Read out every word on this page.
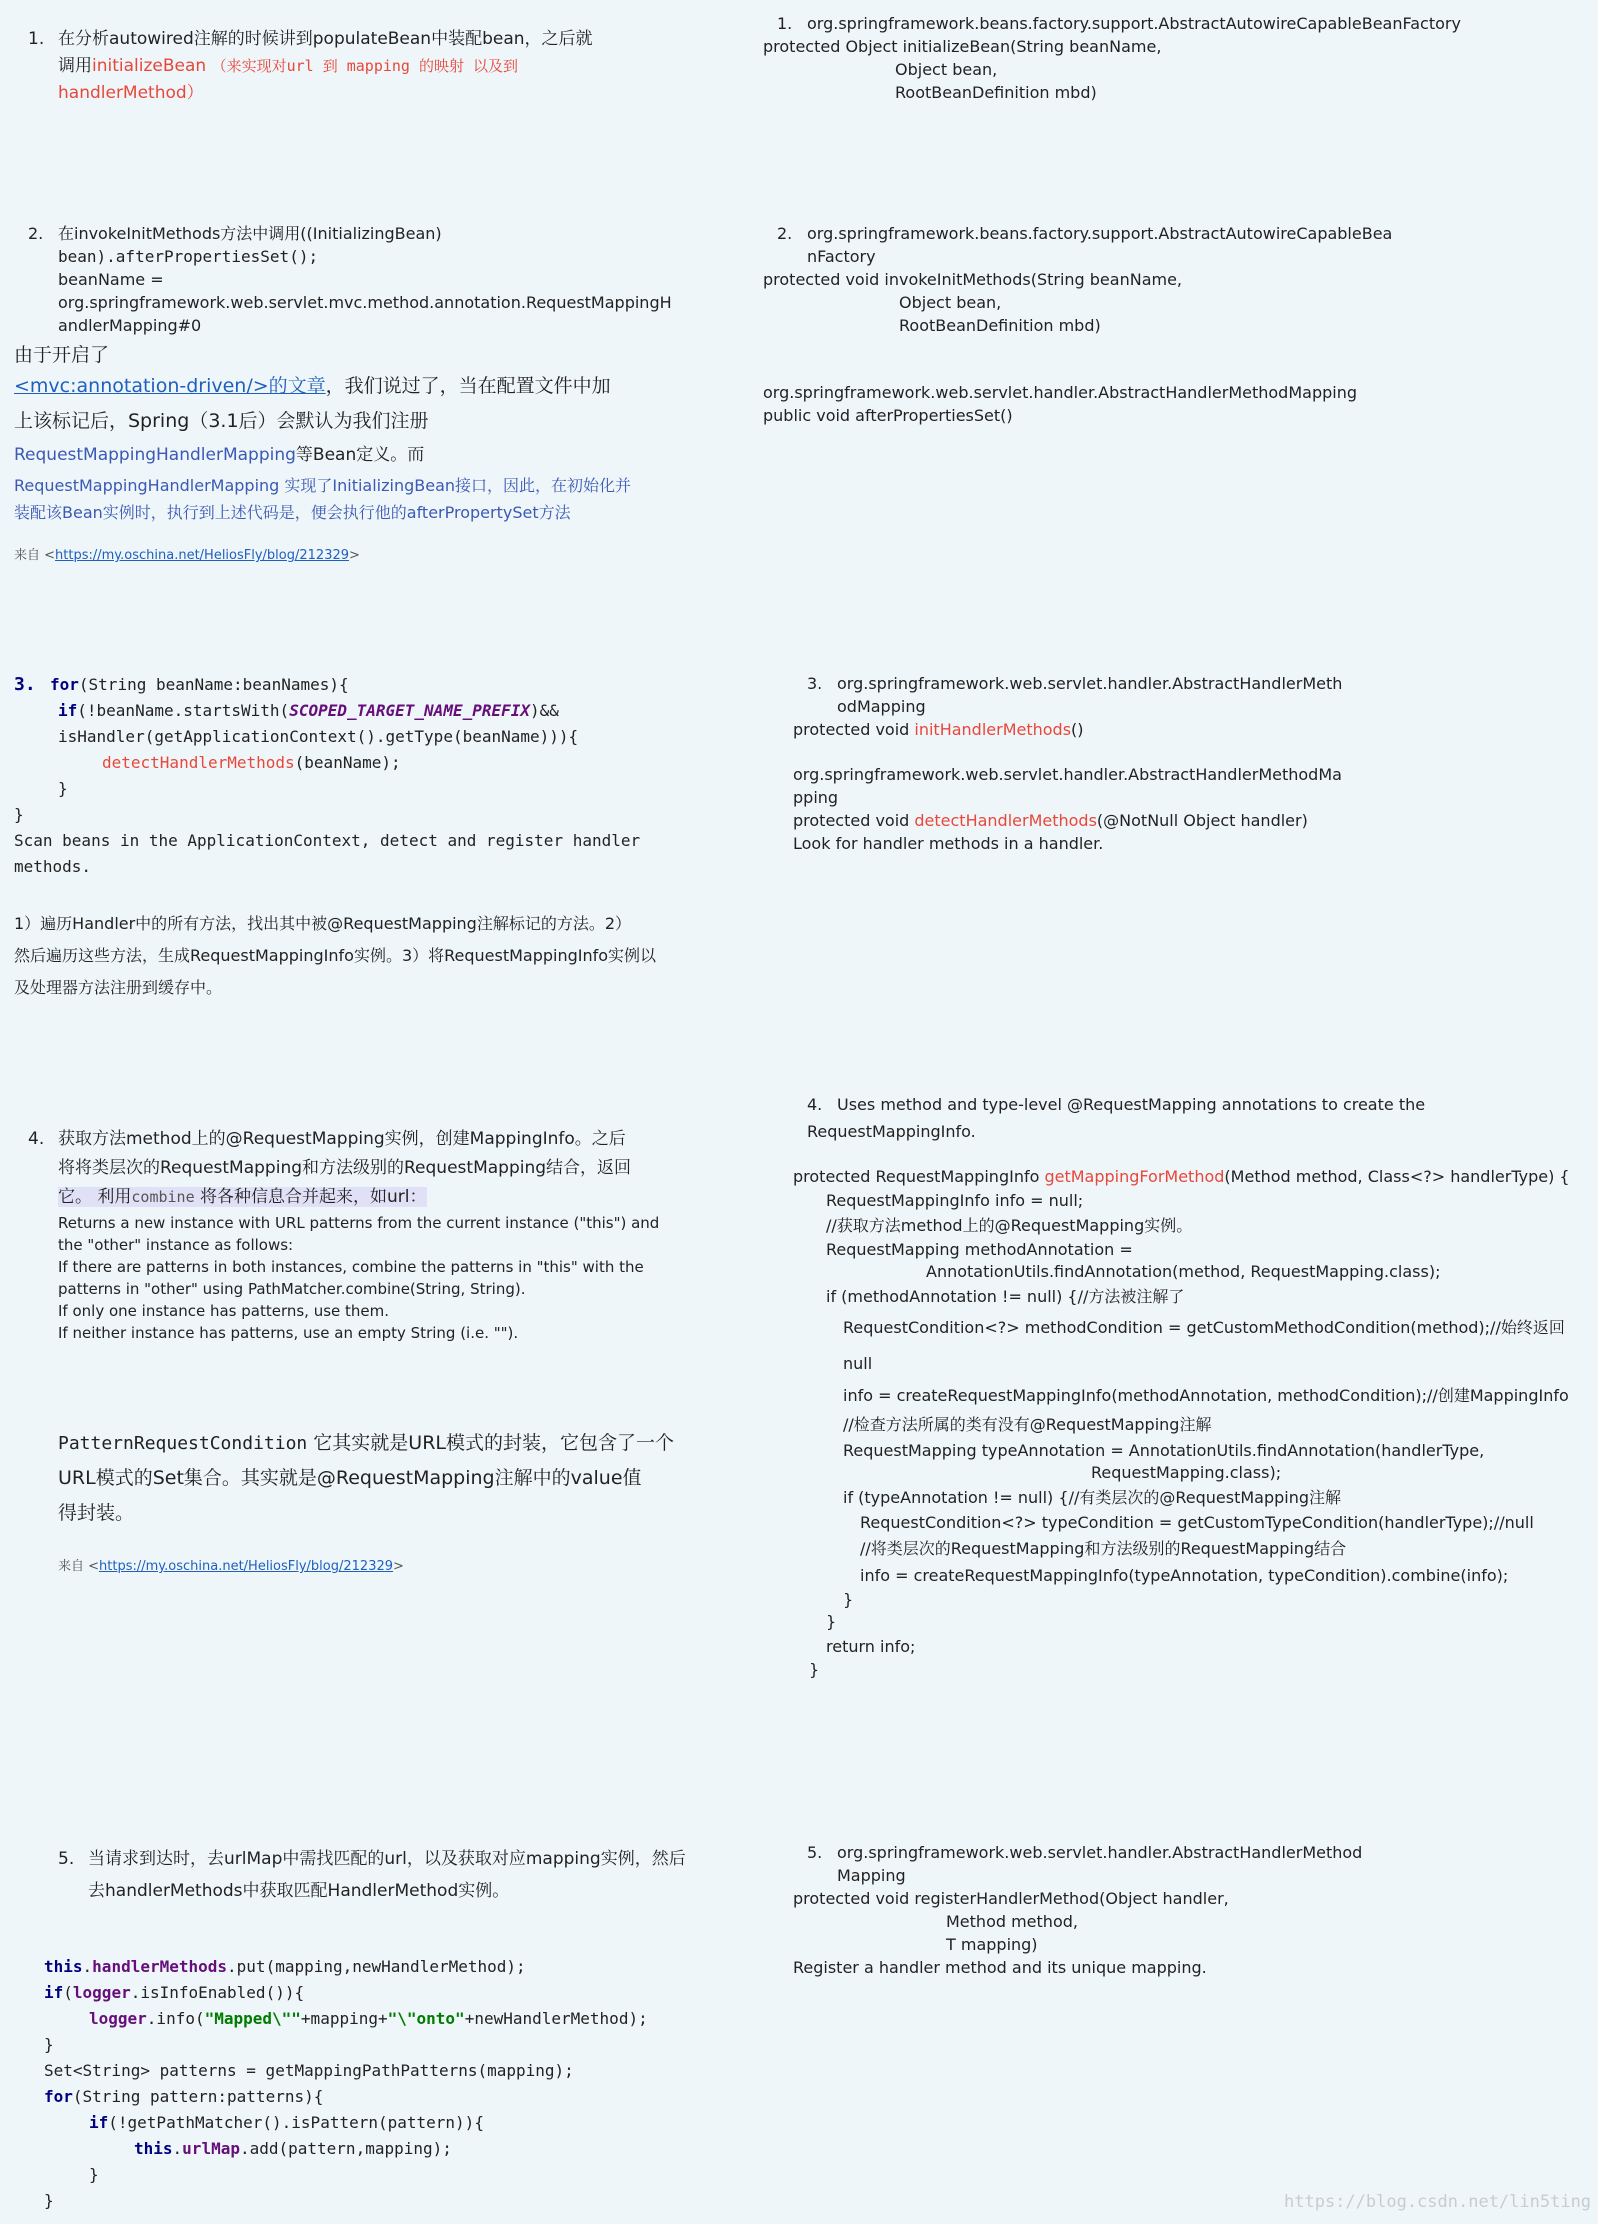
1. 在分析autowired注解的时候讲到populateBean中装配bean，之后就
调用initializeBean （来实现对url 到 mapping 的映射 以及到
handlerMethod）
1. org.springframework.beans.factory.support.AbstractAutowireCapableBeanFactory
protected Object initializeBean(String beanName,
Object bean,
RootBeanDefinition mbd)
2. 在invokeInitMethods方法中调用((InitializingBean)
bean).afterPropertiesSet();
beanName =
org.springframework.web.servlet.mvc.method.annotation.RequestMappingH
andlerMapping#0
2. org.springframework.beans.factory.support.AbstractAutowireCapableBea
nFactory
protected void invokeInitMethods(String beanName,
Object bean,
RootBeanDefinition mbd)
org.springframework.web.servlet.handler.AbstractHandlerMethodMapping
public void afterPropertiesSet()
由于开启了
<mvc:annotation-driven/>的文章，我们说过了，当在配置文件中加
上该标记后，Spring（3.1后）会默认为我们注册
RequestMappingHandlerMapping等Bean定义。而
RequestMappingHandlerMapping 实现了InitializingBean接口，因此，在初始化并
装配该Bean实例时，执行到上述代码是，便会执行他的afterPropertySet方法
来自 <https://my.oschina.net/HeliosFly/blog/212329>
3. for(String beanName:beanNames){
if(!beanName.startsWith(SCOPED_TARGET_NAME_PREFIX)&&
isHandler(getApplicationContext().getType(beanName))){
detectHandlerMethods(beanName);
}
}
Scan beans in the ApplicationContext, detect and register handler
methods.
1）遍历Handler中的所有方法，找出其中被@RequestMapping注解标记的方法。2）
然后遍历这些方法，生成RequestMappingInfo实例。3）将RequestMappingInfo实例以
及处理器方法注册到缓存中。
3. org.springframework.web.servlet.handler.AbstractHandlerMeth
odMapping
protected void initHandlerMethods()
org.springframework.web.servlet.handler.AbstractHandlerMethodMa
pping
protected void detectHandlerMethods(@NotNull Object handler)
Look for handler methods in a handler.
4. 获取方法method上的@RequestMapping实例，创建MappingInfo。之后
将将类层次的RequestMapping和方法级别的RequestMapping结合，返回
它。 利用combine 将各种信息合并起来，如url：
Returns a new instance with URL patterns from the current instance ("this") and
the "other" instance as follows:
If there are patterns in both instances, combine the patterns in "this" with the
patterns in "other" using PathMatcher.combine(String, String).
If only one instance has patterns, use them.
If neither instance has patterns, use an empty String (i.e. "").
PatternRequestCondition 它其实就是URL模式的封装，它包含了一个
URL模式的Set集合。其实就是@RequestMapping注解中的value值
得封装。
来自 <https://my.oschina.net/HeliosFly/blog/212329>
4. Uses method and type-level @RequestMapping annotations to create the RequestMappingInfo.
protected RequestMappingInfo getMappingForMethod(Method method, Class<?> handlerType) {
RequestMappingInfo info = null;
//获取方法method上的@RequestMapping实例。
RequestMapping methodAnnotation =
AnnotationUtils.findAnnotation(method, RequestMapping.class);
if (methodAnnotation != null) {//方法被注解了
RequestCondition<?> methodCondition = getCustomMethodCondition(method);//始终返回null
info = createRequestMappingInfo(methodAnnotation, methodCondition);//创建MappingInfo
//检查方法所属的类有没有@RequestMapping注解
RequestMapping typeAnnotation = AnnotationUtils.findAnnotation(handlerType,
RequestMapping.class);
if (typeAnnotation != null) {//有类层次的@RequestMapping注解
RequestCondition<?> typeCondition = getCustomTypeCondition(handlerType);//null
//将类层次的RequestMapping和方法级别的RequestMapping结合
info = createRequestMappingInfo(typeAnnotation, typeCondition).combine(info);
}
}
return info;
}
5. 当请求到达时，去urlMap中需找匹配的url，以及获取对应mapping实例，然后
去handlerMethods中获取匹配HandlerMethod实例。
this.handlerMethods.put(mapping,newHandlerMethod);
if(logger.isInfoEnabled()){
logger.info("Mapped\""+mapping+"\"onto"+newHandlerMethod);
}
Set<String> patterns = getMappingPathPatterns(mapping);
for(String pattern:patterns){
if(!getPathMatcher().isPattern(pattern)){
this.urlMap.add(pattern,mapping);
}
}
5. org.springframework.web.servlet.handler.AbstractHandlerMethod
Mapping
protected void registerHandlerMethod(Object handler,
Method method,
T mapping)
Register a handler method and its unique mapping.
https://blog.csdn.net/lin5ting
